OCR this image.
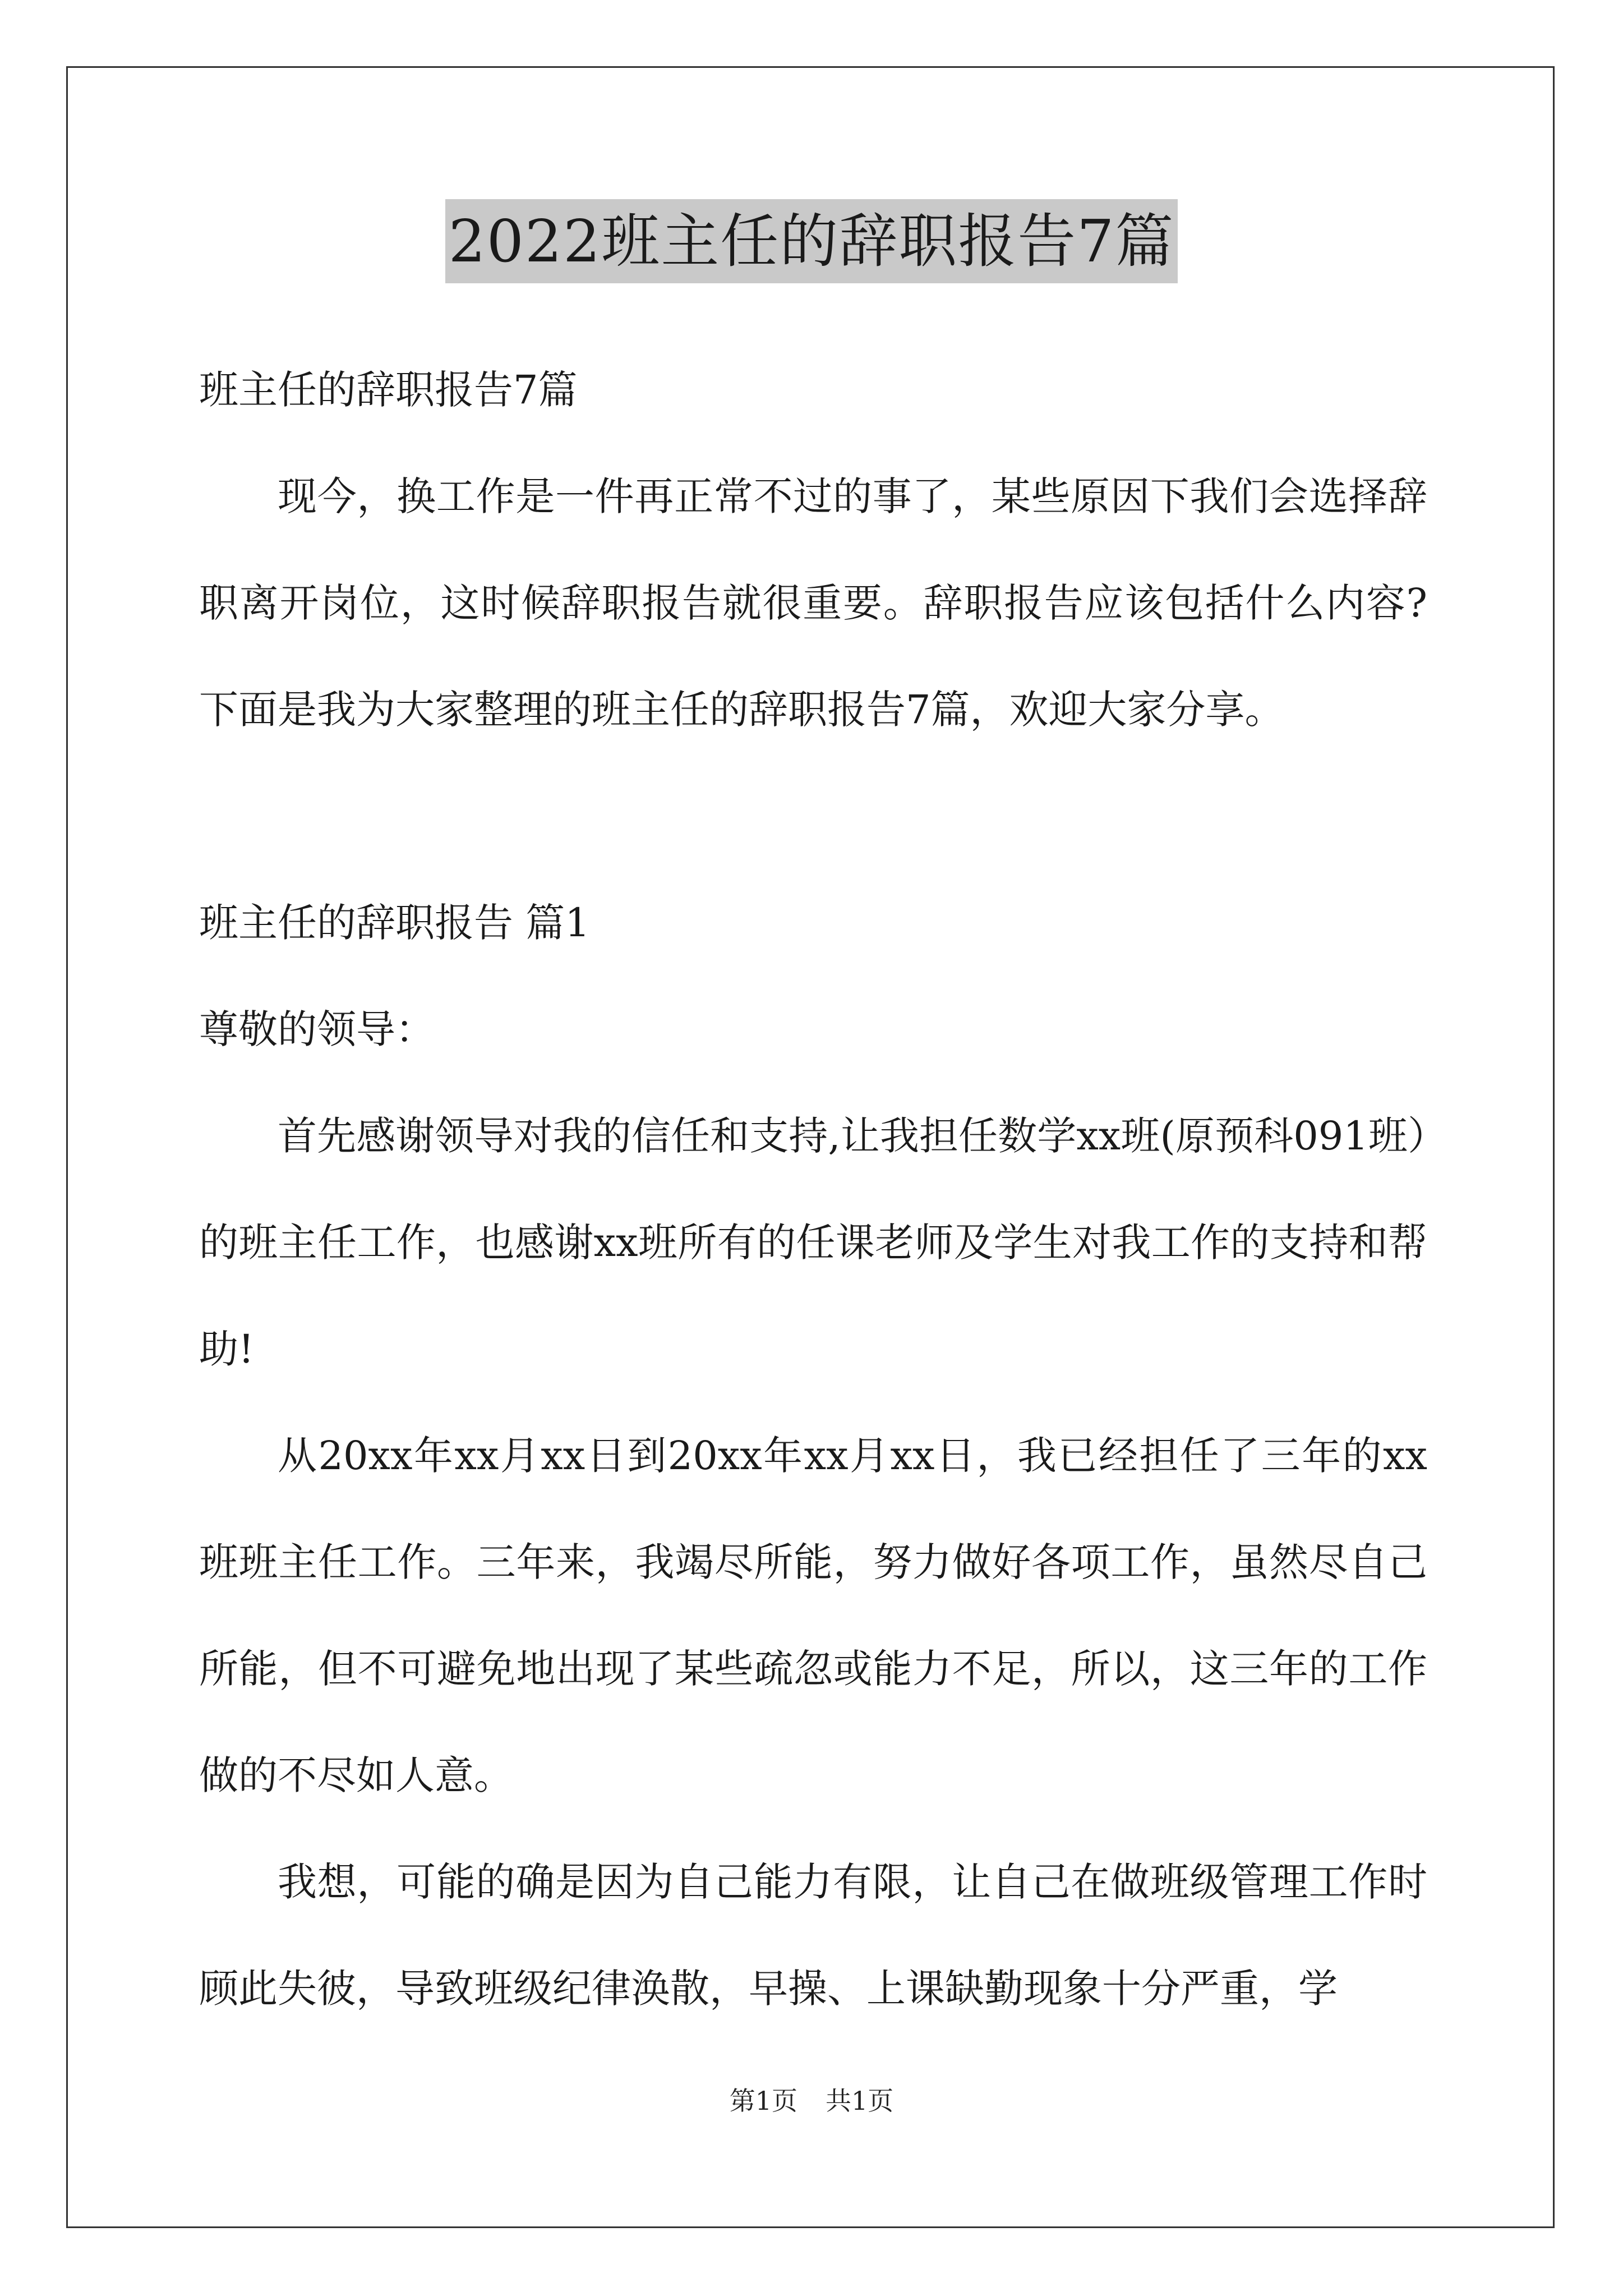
2022班主任的辞职报告7篇

班主任的辞职报告7篇

现今，换工作是一件再正常不过的事了，某些原因下我们会选择辞职离开岗位，这时候辞职报告就很重要。辞职报告应该包括什么内容?下面是我为大家整理的班主任的辞职报告7篇，欢迎大家分享。

班主任的辞职报告 篇1

尊敬的领导：

首先感谢领导对我的信任和支持,让我担任数学xx班(原预科091班）的班主任工作，也感谢xx班所有的任课老师及学生对我工作的支持和帮助!

从20xx年xx月xx日到20xx年xx月xx日，我已经担任了三年的xx班班主任工作。三年来，我竭尽所能，努力做好各项工作，虽然尽自己所能，但不可避免地出现了某些疏忽或能力不足，所以，这三年的工作做的不尽如人意。

我想，可能的确是因为自己能力有限，让自己在做班级管理工作时顾此失彼，导致班级纪律涣散，早操、上课缺勤现象十分严重，学

第1页 共1页
